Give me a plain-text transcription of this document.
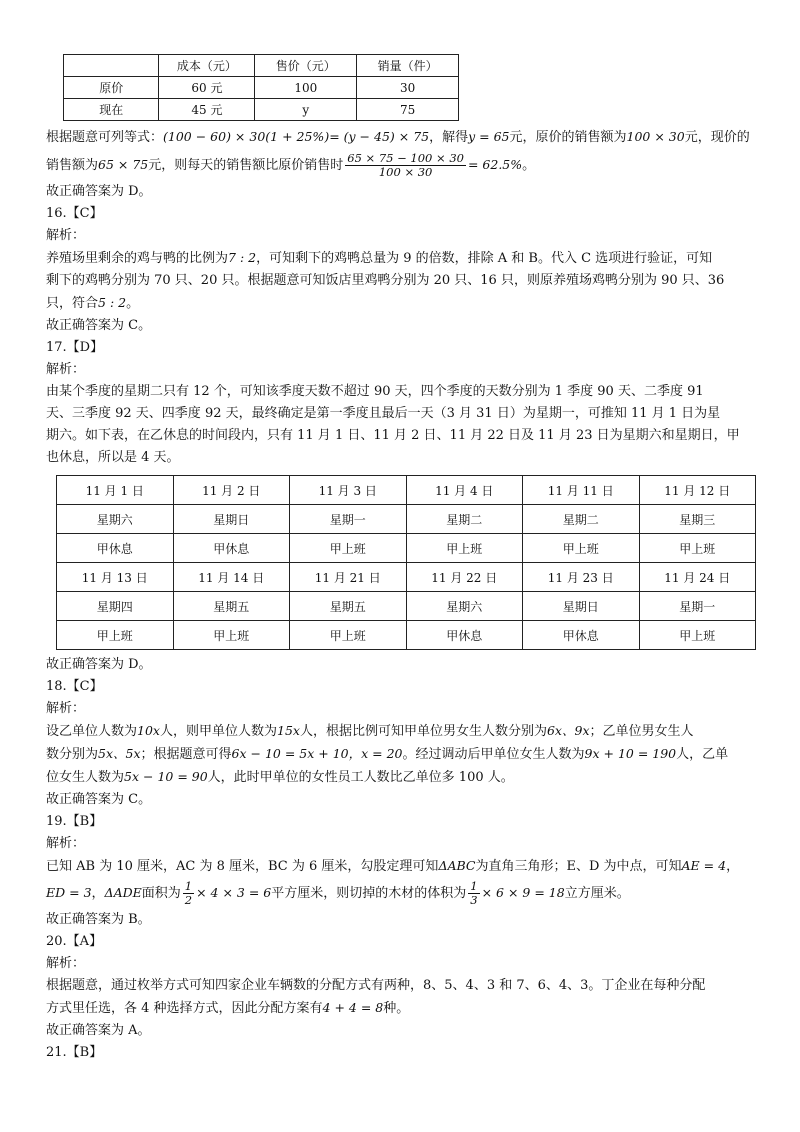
	成本（元）	售价（元）	销量（件）
原价	60 元	100	30
现在	45 元	y	75

根据题意可列等式：(100 − 60) × 30(1 + 25%)= (y − 45) × 75，解得y = 65元，原价的销售额为100 × 30元，现价的

销售额为65 × 75元，则每天的销售额比原价销售时 $\frac{65 \times 75 - 100 \times 30}{100 \times 30} = 62.5\%$。

故正确答案为 D。

16.【C】

解析：

养殖场里剩余的鸡与鸭的比例为7 : 2，可知剩下的鸡鸭总量为 9 的倍数，排除 A 和 B。代入 C 选项进行验证，可知

剩下的鸡鸭分别为 70 只、20 只。根据题意可知饭店里鸡鸭分别为 20 只、16 只，则原养殖场鸡鸭分别为 90 只、36

只，符合5 : 2。

故正确答案为 C。

17.【D】

解析：

由某个季度的星期二只有 12 个，可知该季度天数不超过 90 天，四个季度的天数分别为 1 季度 90 天、二季度 91

天、三季度 92 天、四季度 92 天，最终确定是第一季度且最后一天（3 月 31 日）为星期一，可推知 11 月 1 日为星

期六。如下表，在乙休息的时间段内，只有 11 月 1 日、11 月 2 日、11 月 22 日及 11 月 23 日为星期六和星期日，甲

也休息，所以是 4 天。

11 月 1 日	11 月 2 日	11 月 3 日	11 月 4 日	11 月 11 日	11 月 12 日
星期六	星期日	星期一	星期二	星期二	星期三
甲休息	甲休息	甲上班	甲上班	甲上班	甲上班
11 月 13 日	11 月 14 日	11 月 21 日	11 月 22 日	11 月 23 日	11 月 24 日
星期四	星期五	星期五	星期六	星期日	星期一
甲上班	甲上班	甲上班	甲休息	甲休息	甲上班

故正确答案为 D。

18.【C】

解析：

设乙单位人数为10x人，则甲单位人数为15x人，根据比例可知甲单位男女生人数分别为6x、9x；乙单位男女生人

数分别为5x、5x；根据题意可得6x − 10 = 5x + 10，x = 20。经过调动后甲单位女生人数为9x + 10 = 190人，乙单

位女生人数为5x − 10 = 90人，此时甲单位的女性员工人数比乙单位多 100 人。

故正确答案为 C。

19.【B】

解析：

已知 AB 为 10 厘米，AC 为 8 厘米，BC 为 6 厘米，勾股定理可知ΔABC为直角三角形；E、D 为中点，可知AE = 4，

ED = 3，ΔADE面积为 $\frac{1}{2} \times 4 \times 3 = 6$平方厘米，则切掉的木材的体积为 $\frac{1}{3} \times 6 \times 9 = 18$立方厘米。

故正确答案为 B。

20.【A】

解析：

根据题意，通过枚举方式可知四家企业车辆数的分配方式有两种，8、5、4、3 和 7、6、4、3。丁企业在每种分配

方式里任选，各 4 种选择方式，因此分配方案有4 + 4 = 8种。

故正确答案为 A。

21.【B】
